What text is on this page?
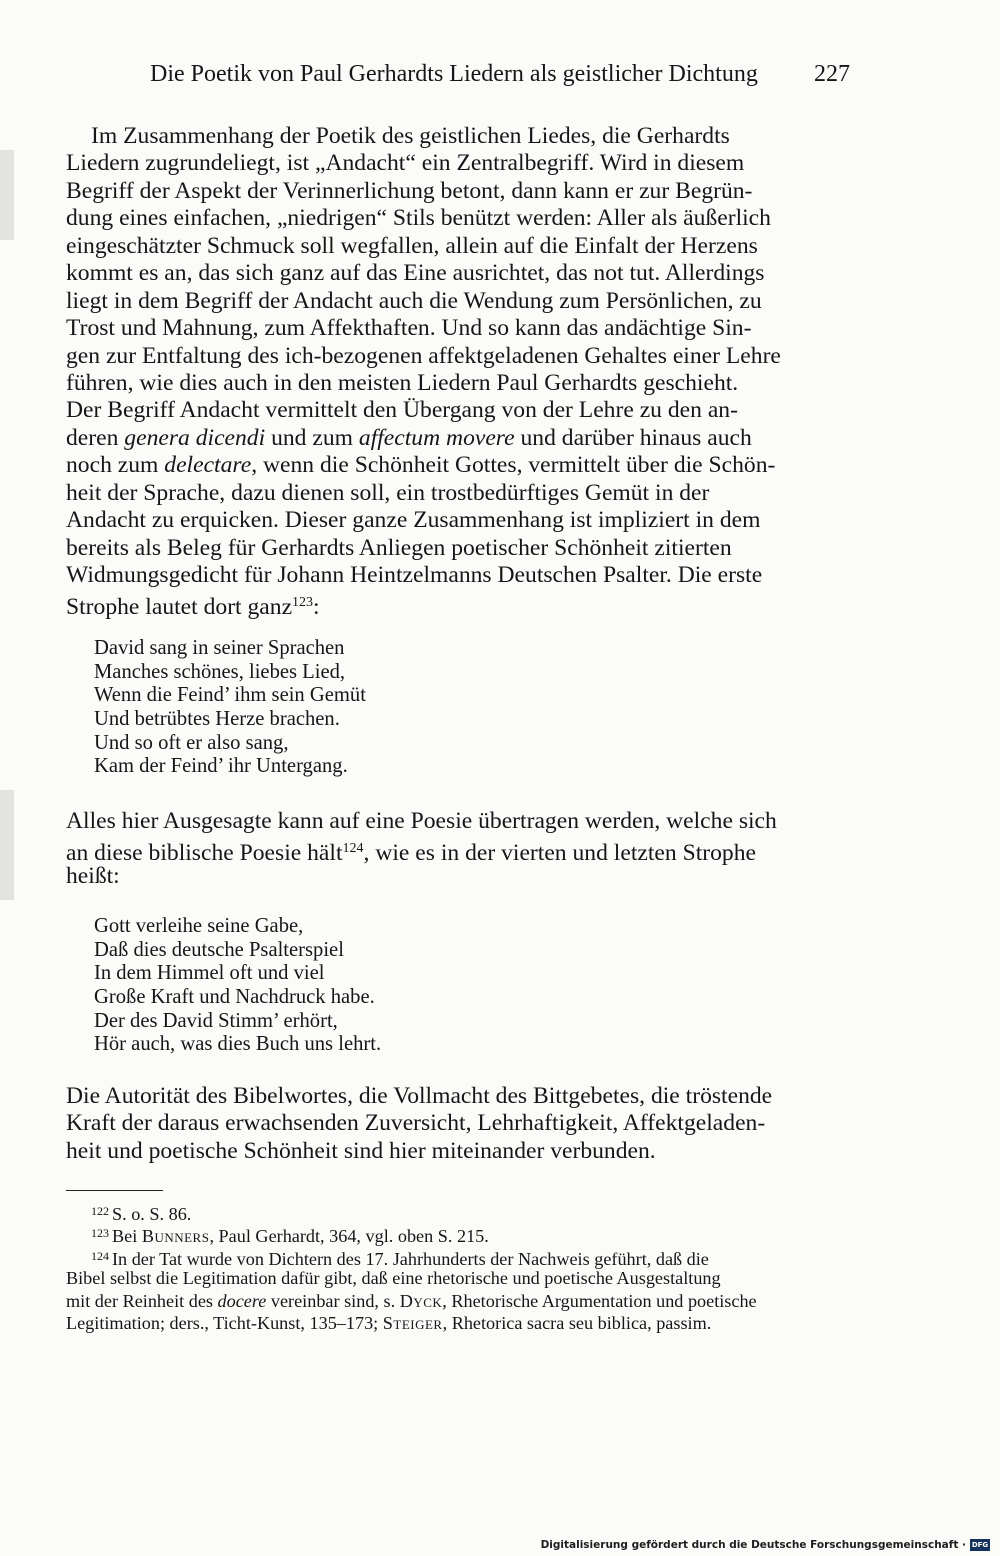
Die Poetik von Paul Gerhardts Liedern als geistlicher Dichtung 227
Im Zusammenhang der Poetik des geistlichen Liedes, die Gerhardts
Liedern zugrundeliegt, ist „Andacht“ ein Zentralbegriff. Wird in diesem
Begriff der Aspekt der Verinnerlichung betont, dann kann er zur Begrün-
dung eines einfachen, „niedrigen“ Stils benützt werden: Aller als äußerlich
eingeschätzter Schmuck soll wegfallen, allein auf die Einfalt der Herzens
kommt es an, das sich ganz auf das Eine ausrichtet, das not tut. Allerdings
liegt in dem Begriff der Andacht auch die Wendung zum Persönlichen, zu
Trost und Mahnung, zum Affekthaften. Und so kann das andächtige Sin-
gen zur Entfaltung des ich-bezogenen affektgeladenen Gehaltes einer Lehre
führen, wie dies auch in den meisten Liedern Paul Gerhardts geschieht.
Der Begriff Andacht vermittelt den Übergang von der Lehre zu den an-
deren genera dicendi und zum affectum movere und darüber hinaus auch
noch zum delectare, wenn die Schönheit Gottes, vermittelt über die Schön-
heit der Sprache, dazu dienen soll, ein trostbedürftiges Gemüt in der
Andacht zu erquicken. Dieser ganze Zusammenhang ist impliziert in dem
bereits als Beleg für Gerhardts Anliegen poetischer Schönheit zitierten
Widmungsgedicht für Johann Heintzelmanns Deutschen Psalter. Die erste
Strophe lautet dort ganz$^{123}$:
David sang in seiner Sprachen
Manches schönes, liebes Lied,
Wenn die Feind’ ihm sein Gemüt
Und betrübtes Herze brachen.
Und so oft er also sang,
Kam der Feind’ ihr Untergang.
Alles hier Ausgesagte kann auf eine Poesie übertragen werden, welche sich
an diese biblische Poesie hält$^{124}$, wie es in der vierten und letzten Strophe
heißt:
Gott verleihe seine Gabe,
Daß dies deutsche Psalterspiel
In dem Himmel oft und viel
Große Kraft und Nachdruck habe.
Der des David Stimm’ erhört,
Hör auch, was dies Buch uns lehrt.
Die Autorität des Bibelwortes, die Vollmacht des Bittgebetes, die tröstende
Kraft der daraus erwachsenden Zuversicht, Lehrhaftigkeit, Affektgeladen-
heit und poetische Schönheit sind hier miteinander verbunden.
$^{122}$ S. o. S. 86.
$^{123}$ Bei Bunners, Paul Gerhardt, 364, vgl. oben S. 215.
$^{124}$ In der Tat wurde von Dichtern des 17. Jahrhunderts der Nachweis geführt, daß die
Bibel selbst die Legitimation dafür gibt, daß eine rhetorische und poetische Ausgestaltung
mit der Reinheit des docere vereinbar sind, s. Dyck, Rhetorische Argumentation und poetische
Legitimation; ders., Ticht-Kunst, 135–173; Steiger, Rhetorica sacra seu biblica, passim.
Digitalisierung gefördert durch die Deutsche Forschungsgemeinschaft · DFG
